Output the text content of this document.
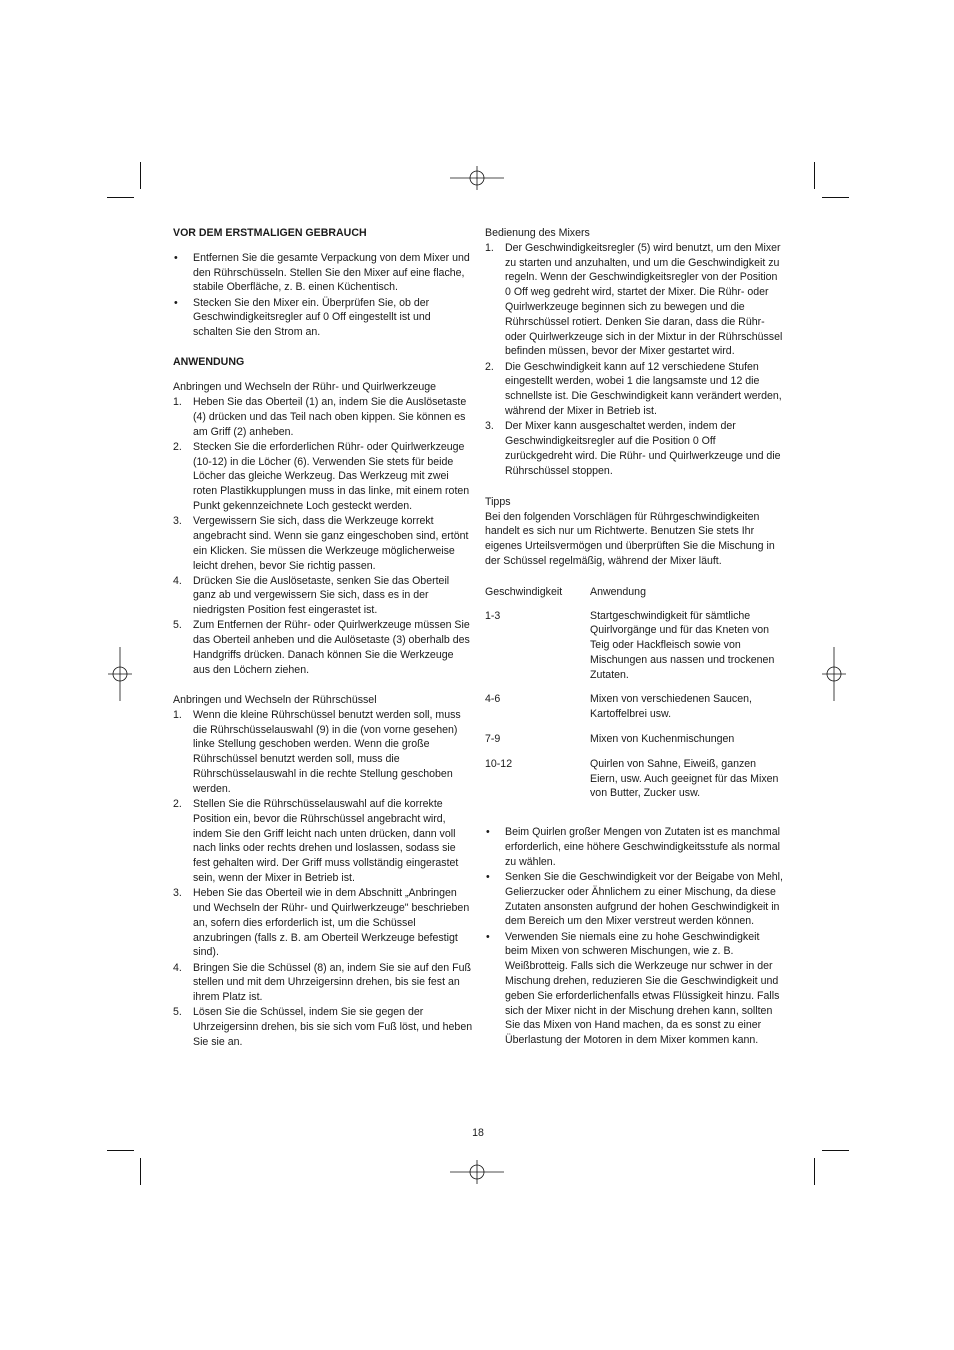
VOR DEM ERSTMALIGEN GEBRAUCH

• Entfernen Sie die gesamte Verpackung von dem Mixer und den Rührschüsseln. Stellen Sie den Mixer auf eine flache, stabile Oberfläche, z. B. einen Küchentisch.
• Stecken Sie den Mixer ein. Überprüfen Sie, ob der Geschwindigkeitsregler auf 0 Off eingestellt ist und schalten Sie den Strom an.

ANWENDUNG

Anbringen und Wechseln der Rühr- und Quirlwerkzeuge

1. Heben Sie das Oberteil (1) an, indem Sie die Auslösetaste (4) drücken und das Teil nach oben kippen. Sie können es am Griff (2) anheben.
2. Stecken Sie die erforderlichen Rühr- oder Quirlwerkzeuge (10-12) in die Löcher (6). Verwenden Sie stets für beide Löcher das gleiche Werkzeug. Das Werkzeug mit zwei roten Plastikkupplungen muss in das linke, mit einem roten Punkt gekennzeichnete Loch gesteckt werden.
3. Vergewissern Sie sich, dass die Werkzeuge korrekt angebracht sind. Wenn sie ganz eingeschoben sind, ertönt ein Klicken. Sie müssen die Werkzeuge möglicherweise leicht drehen, bevor Sie richtig passen.
4. Drücken Sie die Auslösetaste, senken Sie das Oberteil ganz ab und vergewissern Sie sich, dass es in der niedrigsten Position fest eingerastet ist.
5. Zum Entfernen der Rühr- oder Quirlwerkzeuge müssen Sie das Oberteil anheben und die Aulösetaste (3) oberhalb des Handgriffs drücken. Danach können Sie die Werkzeuge aus den Löchern ziehen.

Anbringen und Wechseln der Rührschüssel

1. Wenn die kleine Rührschüssel benutzt werden soll, muss die Rührschüsselauswahl (9) in die (von vorne gesehen) linke Stellung geschoben werden. Wenn die große Rührschüssel benutzt werden soll, muss die Rührschüsselauswahl in die rechte Stellung geschoben werden.
2. Stellen Sie die Rührschüsselauswahl auf die korrekte Position ein, bevor die Rührschüssel angebracht wird, indem Sie den Griff leicht nach unten drücken, dann voll nach links oder rechts drehen und loslassen, sodass sie fest gehalten wird. Der Griff muss vollständig eingerastet sein, wenn der Mixer in Betrieb ist.
3. Heben Sie das Oberteil wie in dem Abschnitt „Anbringen und Wechseln der Rühr- und Quirlwerkzeuge" beschrieben an, sofern dies erforderlich ist, um die Schüssel anzubringen (falls z. B. am Oberteil Werkzeuge befestigt sind).
4. Bringen Sie die Schüssel (8) an, indem Sie sie auf den Fuß stellen und mit dem Uhrzeigersinn drehen, bis sie fest an ihrem Platz ist.
5. Lösen Sie die Schüssel, indem Sie sie gegen der Uhrzeigersinn drehen, bis sie sich vom Fuß löst, und heben Sie sie an.

Bedienung des Mixers

1. Der Geschwindigkeitsregler (5) wird benutzt, um den Mixer zu starten und anzuhalten, und um die Geschwindigkeit zu regeln. Wenn der Geschwindigkeitsregler von der Position 0 Off weg gedreht wird, startet der Mixer. Die Rühr- oder Quirlwerkzeuge beginnen sich zu bewegen und die Rührschüssel rotiert. Denken Sie daran, dass die Rühr- oder Quirlwerkzeuge sich in der Mixtur in der Rührschüssel befinden müssen, bevor der Mixer gestartet wird.
2. Die Geschwindigkeit kann auf 12 verschiedene Stufen eingestellt werden, wobei 1 die langsamste und 12 die schnellste ist. Die Geschwindigkeit kann verändert werden, während der Mixer in Betrieb ist.
3. Der Mixer kann ausgeschaltet werden, indem der Geschwindigkeitsregler auf die Position 0 Off zurückgedreht wird. Die Rühr- und Quirlwerkzeuge und die Rührschüssel stoppen.

Tipps

Bei den folgenden Vorschlägen für Rührgeschwindigkeiten handelt es sich nur um Richtwerte. Benutzen Sie stets Ihr eigenes Urteilsvermögen und überprüften Sie die Mischung in der Schüssel regelmäßig, während der Mixer läuft.

Geschwindigkeit	Anwendung
1-3	Startgeschwindigkeit für sämtliche Quirlvorgänge und für das Kneten von Teig oder Hackfleisch sowie von Mischungen aus nassen und trockenen Zutaten.
4-6	Mixen von verschiedenen Saucen, Kartoffelbrei usw.
7-9	Mixen von Kuchenmischungen
10-12	Quirlen von Sahne, Eiweiß, ganzen Eiern, usw. Auch geeignet für das Mixen von Butter, Zucker usw.
• Beim Quirlen großer Mengen von Zutaten ist es manchmal erforderlich, eine höhere Geschwindigkeitsstufe als normal zu wählen.
• Senken Sie die Geschwindigkeit vor der Beigabe von Mehl, Gelierzucker oder Ähnlichem zu einer Mischung, da diese Zutaten ansonsten aufgrund der hohen Geschwindigkeit in dem Bereich um den Mixer verstreut werden können.
• Verwenden Sie niemals eine zu hohe Geschwindigkeit beim Mixen von schweren Mischungen, wie z. B. Weißbrotteig. Falls sich die Werkzeuge nur schwer in der Mischung drehen, reduzieren Sie die Geschwindigkeit und geben Sie erforderlichenfalls etwas Flüssigkeit hinzu. Falls sich der Mixer nicht in der Mischung drehen kann, sollten Sie das Mixen von Hand machen, da es sonst zu einer Überlastung der Motoren in dem Mixer kommen kann.
18
